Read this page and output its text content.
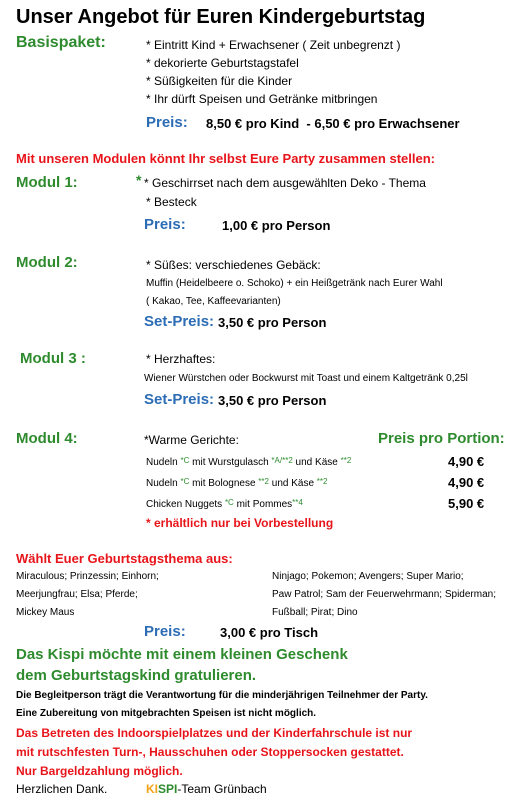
Unser Angebot für Euren Kindergeburtstag
Basispaket:	* Eintritt Kind + Erwachsener ( Zeit unbegrenzt )
* dekorierte Geburtstagstafel
* Süßigkeiten für die Kinder
* Ihr dürft Speisen und Getränke mitbringen
Preis: 8,50 € pro Kind  - 6,50 € pro Erwachsener
Mit unseren Modulen könnt Ihr selbst Eure Party zusammen stellen:
Modul 1:	* * Geschirrset nach dem ausgewählten Deko - Thema
* Besteck
Preis:	1,00 € pro Person
Modul 2:	* Süßes: verschiedenes Gebäck:
Muffin (Heidelbeere o. Schoko) + ein Heißgetränk nach Eurer Wahl
( Kakao, Tee, Kaffeevarianten)
Set-Preis: 3,50 € pro Person
Modul 3 :	* Herzhaftes:
Wiener Würstchen oder Bockwurst mit Toast und einem Kaltgetränk 0,25l
Set-Preis: 3,50 € pro Person
Modul 4:	*Warme Gerichte:	Preis pro Portion:
Nudeln $^{*C}$ mit Wurstgulasch $^{*A/**2}$ und Käse $^{**2}$	4,90 €
Nudeln $^{*C}$ mit Bolognese $^{**2}$ und Käse $^{**2}$	4,90 €
Chicken Nuggets $^{*C}$ mit Pommes$^{**4}$	5,90 €
* erhältlich nur bei Vorbestellung
Wählt Euer Geburtstagsthema aus:
Miraculous; Prinzessin; Einhorn;
Meerjungfrau; Elsa; Pferde;
Mickey Maus
Ninjago; Pokemon; Avengers; Super Mario;
Paw Patrol; Sam der Feuerwehrmann; Spiderman;
Fußball; Pirat; Dino
Preis:	3,00 € pro Tisch
Das Kispi möchte mit einem kleinen Geschenk
dem Geburtstagskind gratulieren.
Die Begleitperson trägt die Verantwortung für die minderjährigen Teilnehmer der Party.
Eine Zubereitung von mitgebrachten Speisen ist nicht möglich.
Das Betreten des Indoorspielplatzes und der Kinderfahrschule ist nur
mit rutschfesten Turn-, Hausschuhen oder Stoppersocken gestattet.
Nur Bargeldzahlung möglich.
Herzlichen Dank.	KISPI-Team Grünbach
